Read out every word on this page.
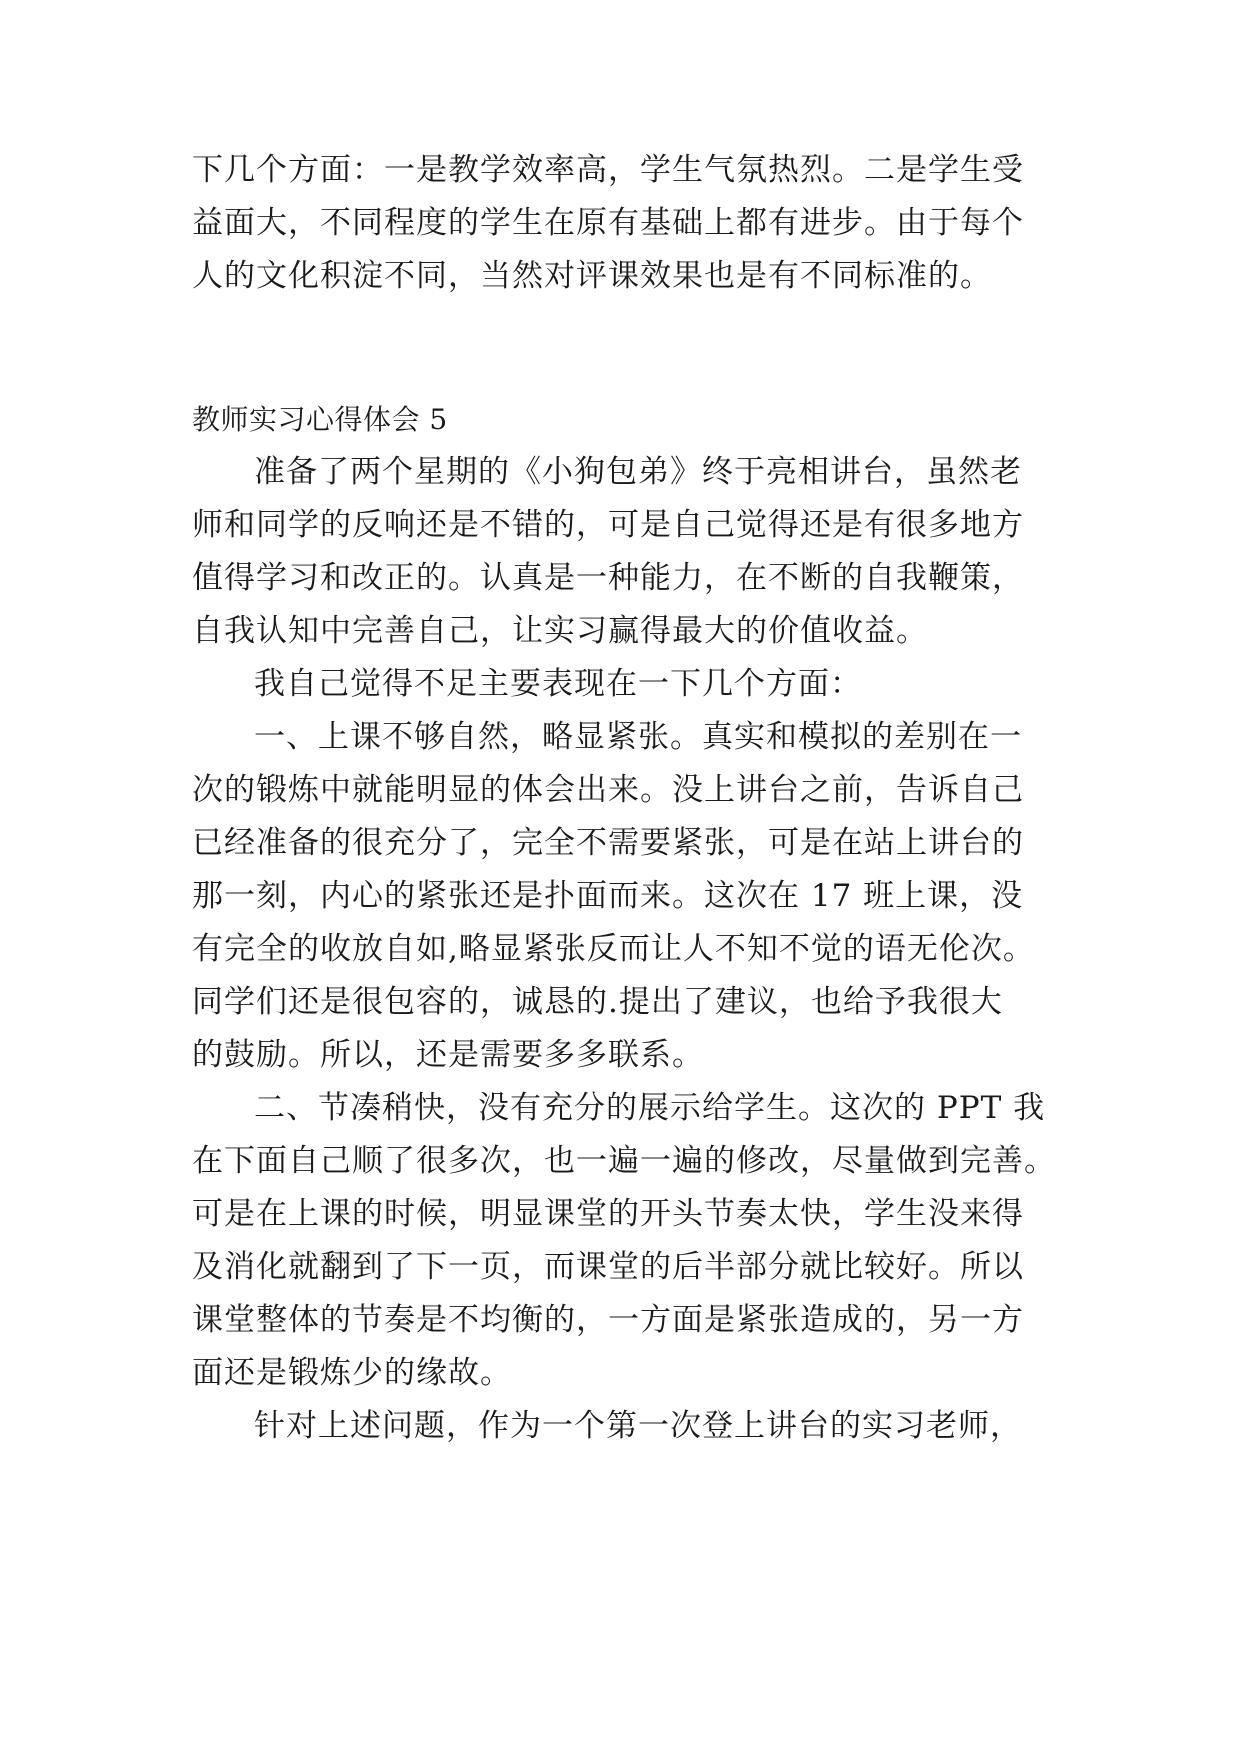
下几个方面：一是教学效率高，学生气氛热烈。二是学生受
益面大，不同程度的学生在原有基础上都有进步。由于每个
人的文化积淀不同，当然对评课效果也是有不同标准的。
教师实习心得体会 5
准备了两个星期的《小狗包弟》终于亮相讲台，虽然老
师和同学的反响还是不错的，可是自己觉得还是有很多地方
值得学习和改正的。认真是一种能力，在不断的自我鞭策，
自我认知中完善自己，让实习赢得最大的价值收益。
我自己觉得不足主要表现在一下几个方面：
一、上课不够自然，略显紧张。真实和模拟的差别在一
次的锻炼中就能明显的体会出来。没上讲台之前，告诉自己
已经准备的很充分了，完全不需要紧张，可是在站上讲台的
那一刻，内心的紧张还是扑面而来。这次在 17 班上课，没
有完全的收放自如,略显紧张反而让人不知不觉的语无伦次。
同学们还是很包容的，诚恳的.提出了建议，也给予我很大
的鼓励。所以，还是需要多多联系。
二、节凑稍快，没有充分的展示给学生。这次的 PPT 我
在下面自己顺了很多次，也一遍一遍的修改，尽量做到完善。
可是在上课的时候，明显课堂的开头节奏太快，学生没来得
及消化就翻到了下一页，而课堂的后半部分就比较好。所以
课堂整体的节奏是不均衡的，一方面是紧张造成的，另一方
面还是锻炼少的缘故。
针对上述问题，作为一个第一次登上讲台的实习老师，
